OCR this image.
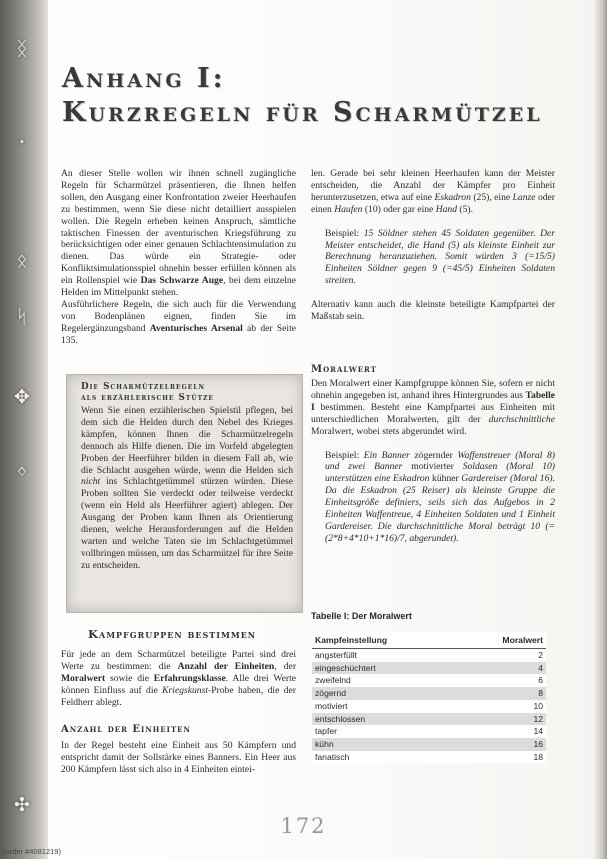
ᛝ
᛫
ᛟ
ᛋ
✥
ᛜ
✣
Anhang I:
Kurzregeln für Scharmützel

An dieser Stelle wollen wir ihnen schnell zugängliche Regeln für Scharmützel präsentieren, die Ihnen helfen sollen, den Ausgang einer Konfrontation zweier Heerhaufen zu bestimmen, wenn Sie diese nicht detailliert ausspielen wollen. Die Regeln erheben keinen Anspruch, sämtliche taktischen Finessen der aventurischen Kriegsführung zu berücksichtigen oder einer genauen Schlachtensimulation zu dienen. Das würde ein Strategie- oder Konfliktsimulationsspiel ohnehin besser erfüllen können als ein Rollenspiel wie Das Schwarze Auge, bei dem einzelne Helden im Mittelpunkt stehen.

Ausführlichere Regeln, die sich auch für die Verwendung von Bodenplänen eignen, finden Sie im Regelergänzungsband Aventurisches Arsenal ab der Seite 135.

Die Scharmützelregeln
als erzählerische Stütze
Wenn Sie einen erzählerischen Spielstil pflegen, bei dem sich die Helden durch den Nebel des Krieges kämpfen, können Ihnen die Scharmützelregeln dennoch als Hilfe dienen. Die im Vorfeld abgelegten Proben der Heerführer bilden in diesem Fall ab, wie die Schlacht ausgehen würde, wenn die Helden sich nicht ins Schlachtgetümmel stürzen würden. Diese Proben sollten Sie verdeckt oder teilweise verdeckt (wenn ein Held als Heerführer agiert) ablegen. Der Ausgang der Proben kann Ihnen als Orientierung dienen, welche Herausforderungen auf die Helden warten und welche Taten sie im Schlachtgetümmel vollbringen müssen, um das Scharmützel für ihre Seite zu entscheiden.
Kampfgruppen bestimmen

Für jede an dem Scharmützel beteiligte Partei sind drei Werte zu bestimmen: die Anzahl der Einheiten, der Moralwert sowie die Erfahrungsklasse. Alle drei Werte können Einfluss auf die Kriegskunst-Probe haben, die der Feldherr ablegt.

Anzahl der Einheiten

In der Regel besteht eine Einheit aus 50 Kämpfern und entspricht damit der Sollstärke eines Banners. Ein Heer aus 200 Kämpfern lässt sich also in 4 Einheiten eintei-

len. Gerade bei sehr kleinen Heerhaufen kann der Meister entscheiden, die Anzahl der Kämpfer pro Einheit herunterzusetzen, etwa auf eine Eskadron (25), eine Lanze oder einen Haufen (10) oder gar eine Hand (5).

Beispiel: 15 Söldner stehen 45 Soldaten gegenüber. Der Meister entscheidet, die Hand (5) als kleinste Einheit zur Berechnung heranzuziehen. Somit würden 3 (=15/5) Einheiten Söldner gegen 9 (=45/5) Einheiten Soldaten streiten.

Alternativ kann auch die kleinste beteiligte Kampfpartei der Maßstab sein.

Moralwert

Den Moralwert einer Kampfgruppe können Sie, sofern er nicht ohnehin angegeben ist, anhand ihres Hintergrundes aus Tabelle I bestimmen. Besteht eine Kampfpartei aus Einheiten mit unterschiedlichen Moralwerten, gilt der durchschnittliche Moralwert, wobei stets abgerundet wird.

Beispiel: Ein Banner zögernder Waffenstreuer (Moral 8) und zwei Banner motivierter Soldasen (Moral 10) unterstützen eine Eskadron kühner Gardereiser (Moral 16). Da die Eskadron (25 Reiser) als kleinste Gruppe die Einheitsgröße definiers, seils sich das Aufgebos in 2 Einheiten Waffentreue, 4 Einheiten Soldaten und 1 Einheit Gardereiser. Die durchschnittliche Moral beträgt 10 (=(2*8+4*10+1*16)/7, abgerundet).

Tabelle I: Der Moralwert
Kampfeinstellung	Moralwert
angsterfüllt	2
eingeschüchtert	4
zweifelnd	6
zögernd	8
motiviert	10
entschlossen	12
tapfer	14
kühn	16
fanatisch	18
172
(order #4081219)
